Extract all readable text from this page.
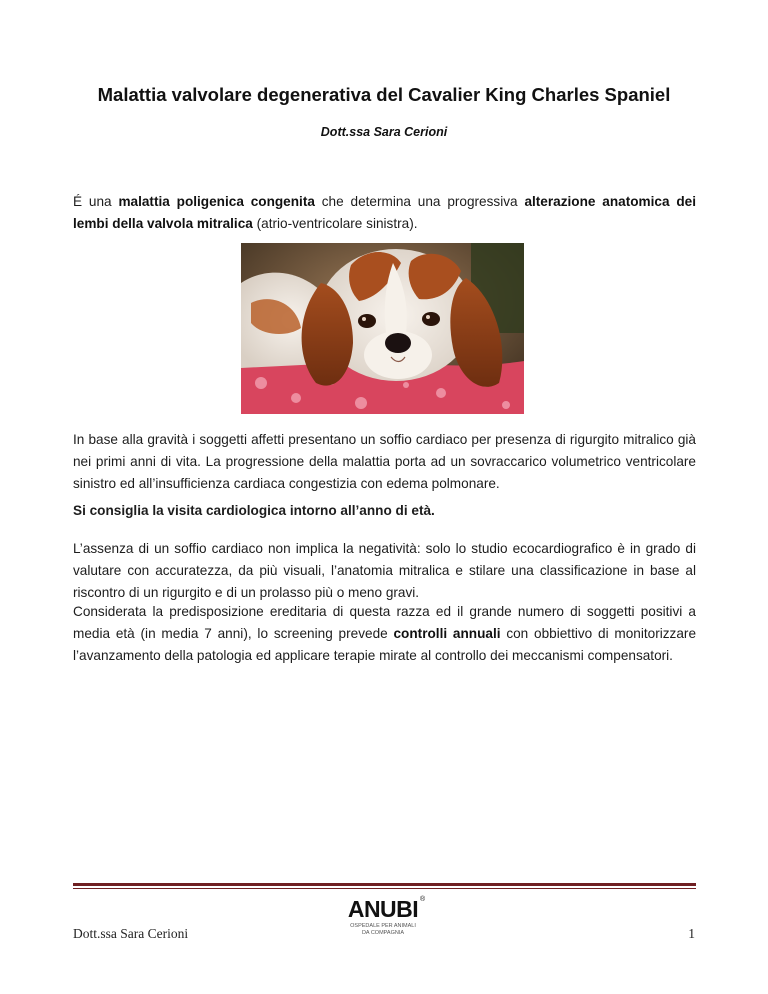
Malattia valvolare degenerativa del Cavalier King Charles Spaniel
Dott.ssa Sara Cerioni

É una malattia poligenica congenita che determina una progressiva alterazione anatomica dei lembi della valvola mitralica (atrio-ventricolare sinistra).

In base alla gravità i soggetti affetti presentano un soffio cardiaco per presenza di rigurgito mitralico già nei primi anni di vita. La progressione della malattia porta ad un sovraccarico volumetrico ventricolare sinistro ed all’insufficienza cardiaca congestizia con edema polmonare.

Si consiglia la visita cardiologica intorno all’anno di età.

L’assenza di un soffio cardiaco non implica la negatività: solo lo studio ecocardiografico è in grado di valutare con accuratezza, da più visuali, l’anatomia mitralica e stilare una classificazione in base al riscontro di un rigurgito e di un prolasso più o meno gravi.

Considerata la predisposizione ereditaria di questa razza ed il grande numero di soggetti positivi a media età (in media 7 anni), lo screening prevede controlli annuali con obbiettivo di monitorizzare l’avanzamento della patologia ed applicare terapie mirate al controllo dei meccanismi compensatori.

Dott.ssa Sara Cerioni
ANUBI ®
OSPEDALE PER ANIMALI
DA COMPAGNIA	1
